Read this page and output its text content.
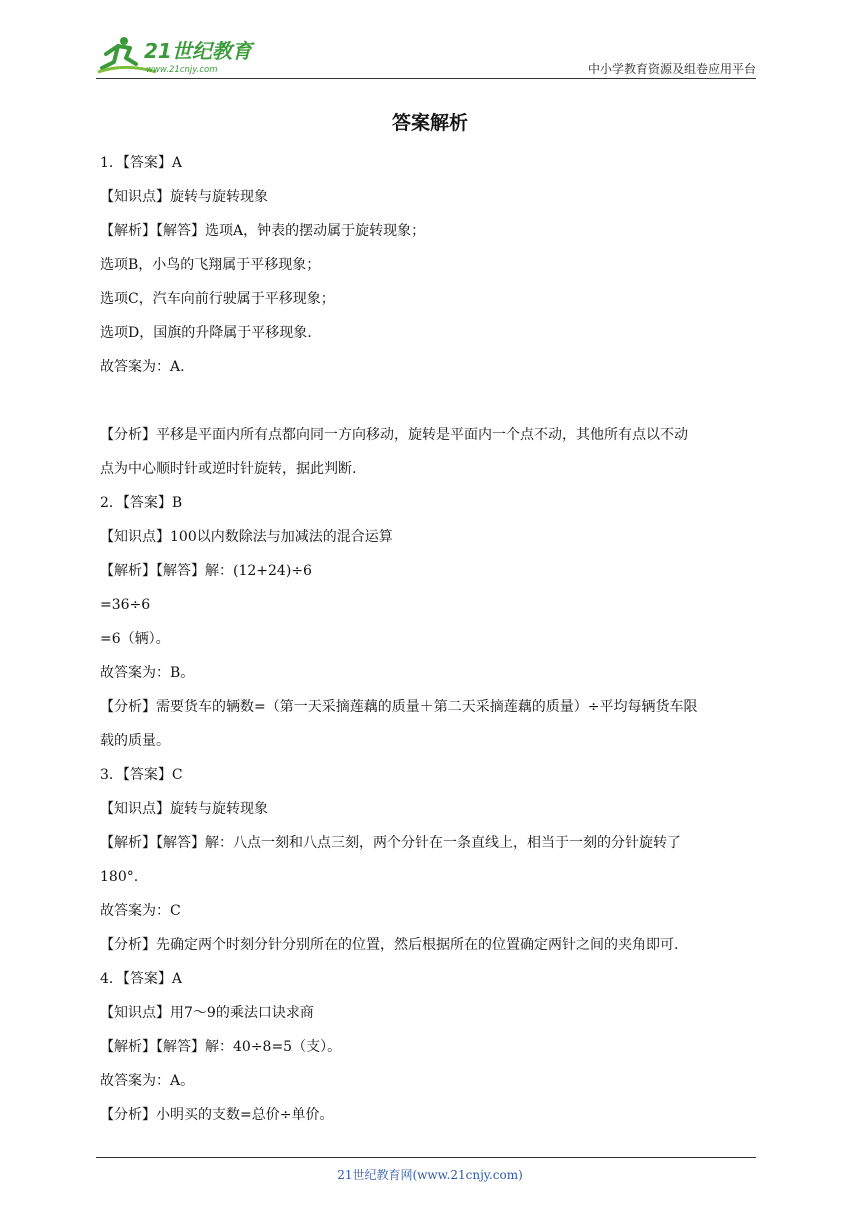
21世纪教育
www.21cnjy.com	中小学教育资源及组卷应用平台
答案解析
1．【答案】A
【知识点】旋转与旋转现象
【解析】【解答】选项A，钟表的摆动属于旋转现象；
选项B，小鸟的飞翔属于平移现象；
选项C，汽车向前行驶属于平移现象；
选项D，国旗的升降属于平移现象.
故答案为：A.
【分析】平移是平面内所有点都向同一方向移动，旋转是平面内一个点不动，其他所有点以不动
点为中心顺时针或逆时针旋转，据此判断.
2．【答案】B
【知识点】100以内数除法与加减法的混合运算
【解析】【解答】解：(12+24)÷6
=36÷6
=6（辆）。
故答案为：B。
【分析】需要货车的辆数=（第一天采摘莲藕的质量＋第二天采摘莲藕的质量）÷平均每辆货车限
载的质量。
3．【答案】C
【知识点】旋转与旋转现象
【解析】【解答】解：八点一刻和八点三刻，两个分针在一条直线上，相当于一刻的分针旋转了
180°.
故答案为：C
【分析】先确定两个时刻分针分别所在的位置，然后根据所在的位置确定两针之间的夹角即可.
4．【答案】A
【知识点】用7～9的乘法口诀求商
【解析】【解答】解：40÷8=5（支）。
故答案为：A。
【分析】小明买的支数=总价÷单价。
21世纪教育网(www.21cnjy.com)
